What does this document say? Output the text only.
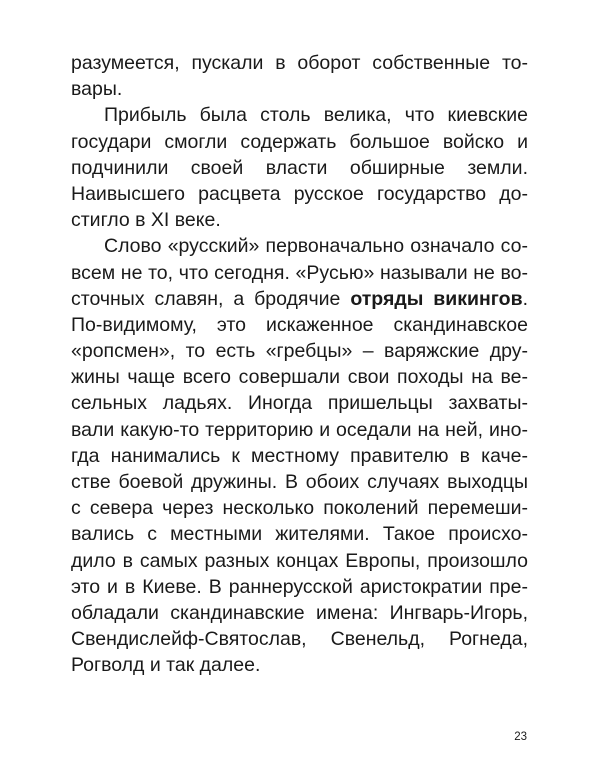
разумеется, пускали в оборот собственные то-
вары.
Прибыль была столь велика, что киевские
государи смогли содержать большое войско и
подчинили своей власти обширные земли.
Наивысшего расцвета русское государство до-
стигло в XI веке.
Слово «русский» первоначально означало со-
всем не то, что сегодня. «Русью» называли не во-
сточных славян, а бродячие отряды викингов.
По-видимому, это искаженное скандинавское
«ропсмен», то есть «гребцы» – варяжские дру-
жины чаще всего совершали свои походы на ве-
сельных ладьях. Иногда пришельцы захваты-
вали какую-то территорию и оседали на ней, ино-
гда нанимались к местному правителю в каче-
стве боевой дружины. В обоих случаях выходцы
с севера через несколько поколений перемеши-
вались с местными жителями. Такое происхо-
дило в самых разных концах Европы, произошло
это и в Киеве. В раннерусской аристократии пре-
обладали скандинавские имена: Ингварь-Игорь,
Свендислейф-Святослав, Свенельд, Рогнеда,
Рогволд и так далее.
23
